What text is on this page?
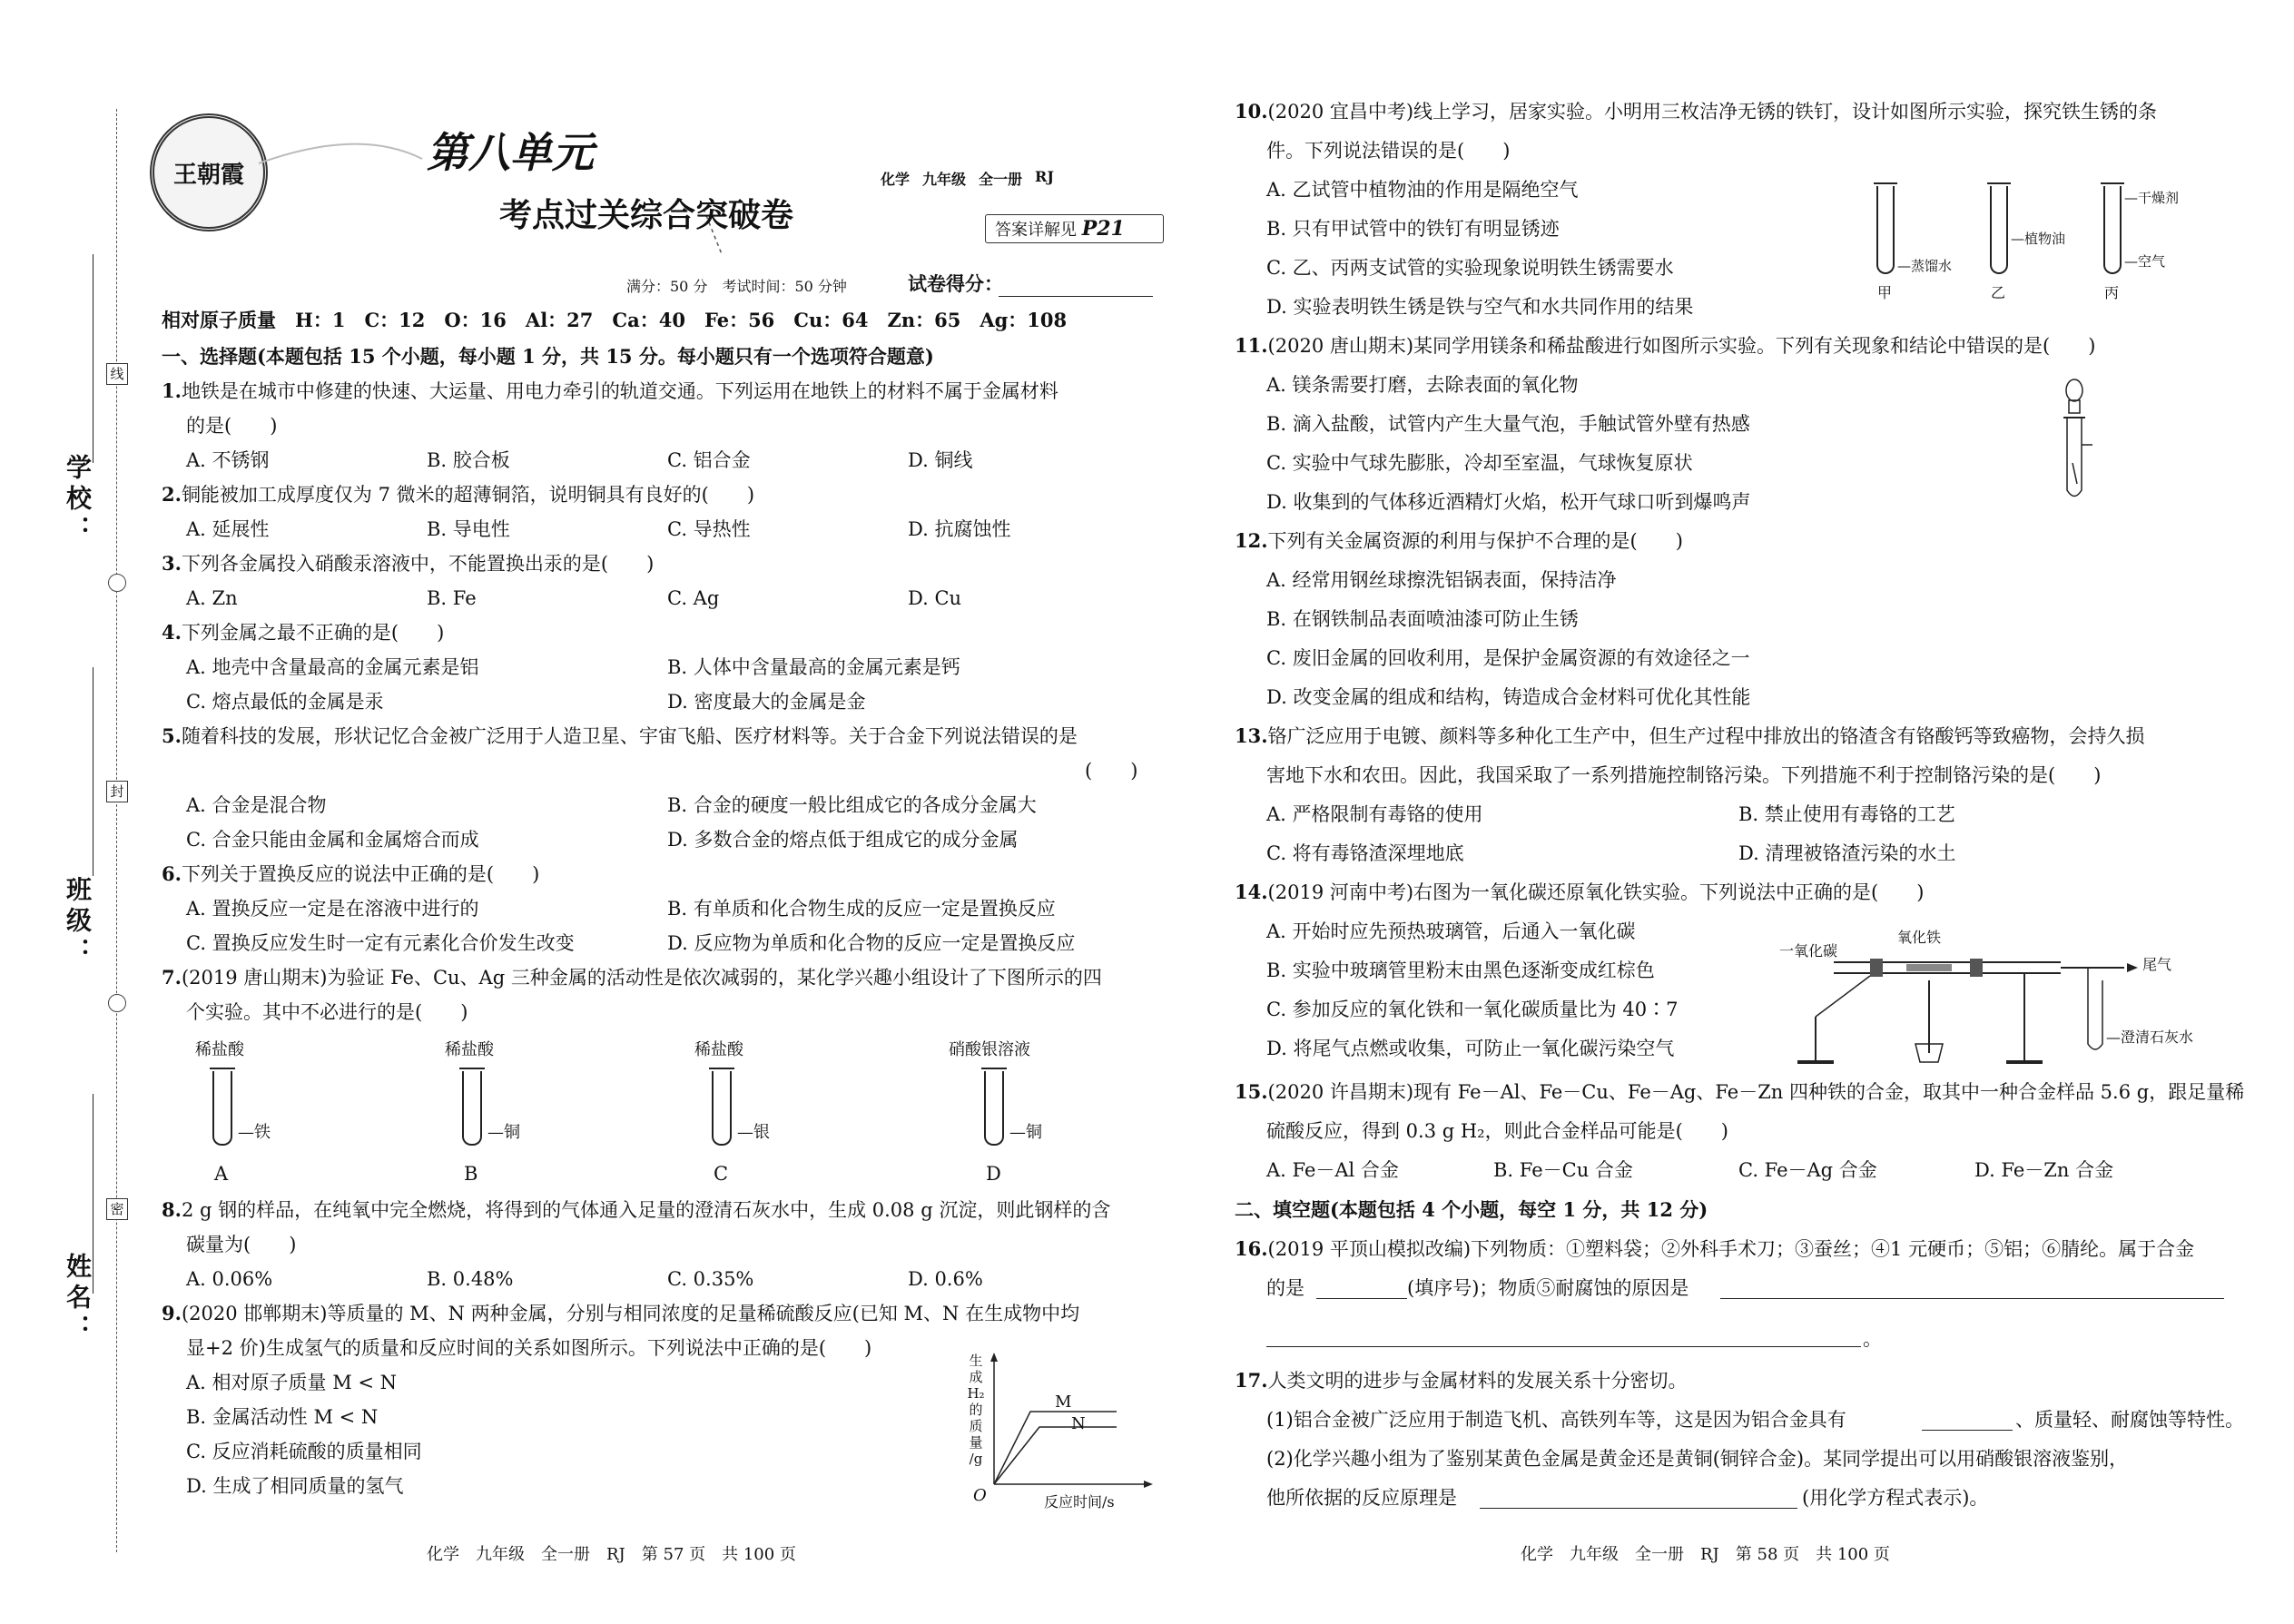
学校：
班级：
姓名：
线
封
密
王朝霞	第八单元
考点过关综合突破卷
化学 九年级 全一册 RJ
答案详解见 P21
满分：50 分　考试时间：50 分钟	试卷得分：
相对原子质量　H：1　C：12　O：16　Al：27　Ca：40　Fe：56　Cu：64　Zn：65　Ag：108
一、选择题(本题包括 15 个小题，每小题 1 分，共 15 分。每小题只有一个选项符合题意)
1.地铁是在城市中修建的快速、大运量、用电力牵引的轨道交通。下列运用在地铁上的材料不属于金属材料
的是(　　)
A. 不锈钢	B. 胶合板	C. 铝合金	D. 铜线
2.铜能被加工成厚度仅为 7 微米的超薄铜箔，说明铜具有良好的(　　)
A. 延展性	B. 导电性	C. 导热性	D. 抗腐蚀性
3.下列各金属投入硝酸汞溶液中，不能置换出汞的是(　　)
A. Zn	B. Fe	C. Ag	D. Cu
4.下列金属之最不正确的是(　　)
A. 地壳中含量最高的金属元素是铝	B. 人体中含量最高的金属元素是钙
C. 熔点最低的金属是汞	D. 密度最大的金属是金
5.随着科技的发展，形状记忆合金被广泛用于人造卫星、宇宙飞船、医疗材料等。关于合金下列说法错误的是
(　　)
A. 合金是混合物	B. 合金的硬度一般比组成它的各成分金属大
C. 合金只能由金属和金属熔合而成	D. 多数合金的熔点低于组成它的成分金属
6.下列关于置换反应的说法中正确的是(　　)
A. 置换反应一定是在溶液中进行的	B. 有单质和化合物生成的反应一定是置换反应
C. 置换反应发生时一定有元素化合价发生改变	D. 反应物为单质和化合物的反应一定是置换反应
7.(2019 唐山期末)为验证 Fe、Cu、Ag 三种金属的活动性是依次减弱的，某化学兴趣小组设计了下图所示的四
个实验。其中不必进行的是(　　)
稀盐酸
—铁
A
稀盐酸
—铜
B
稀盐酸
—银
C
硝酸银溶液
—铜
D
8.2 g 钢的样品，在纯氧中完全燃烧，将得到的气体通入足量的澄清石灰水中，生成 0.08 g 沉淀，则此钢样的含
碳量为(　　)
A. 0.06%	B. 0.48%	C. 0.35%	D. 0.6%
9.(2020 邯郸期末)等质量的 M、N 两种金属，分别与相同浓度的足量稀硫酸反应(已知 M、N 在生成物中均
显+2 价)生成氢气的质量和反应时间的关系如图所示。下列说法中正确的是(　　)
A. 相对原子质量 M < N
B. 金属活动性 M < N
C. 反应消耗硫酸的质量相同
D. 生成了相同质量的氢气
生
成
H₂
的
质
量
/g
M
N
O	反应时间/s
化学　九年级　全一册　RJ　第 57 页　共 100 页
10.(2020 宜昌中考)线上学习，居家实验。小明用三枚洁净无锈的铁钉，设计如图所示实验，探究铁生锈的条
件。下列说法错误的是(　　)
A. 乙试管中植物油的作用是隔绝空气
B. 只有甲试管中的铁钉有明显锈迹
C. 乙、丙两支试管的实验现象说明铁生锈需要水
D. 实验表明铁生锈是铁与空气和水共同作用的结果
—蒸馏水
甲
—植物油
乙
—干燥剂
—空气
丙
11.(2020 唐山期末)某同学用镁条和稀盐酸进行如图所示实验。下列有关现象和结论中错误的是(　　)
A. 镁条需要打磨，去除表面的氧化物
B. 滴入盐酸，试管内产生大量气泡，手触试管外壁有热感
C. 实验中气球先膨胀，冷却至室温，气球恢复原状
D. 收集到的气体移近酒精灯火焰，松开气球口听到爆鸣声
12.下列有关金属资源的利用与保护不合理的是(　　)
A. 经常用钢丝球擦洗铝锅表面，保持洁净
B. 在钢铁制品表面喷油漆可防止生锈
C. 废旧金属的回收利用，是保护金属资源的有效途径之一
D. 改变金属的组成和结构，铸造成合金材料可优化其性能
13.铬广泛应用于电镀、颜料等多种化工生产中，但生产过程中排放出的铬渣含有铬酸钙等致癌物，会持久损
害地下水和农田。因此，我国采取了一系列措施控制铬污染。下列措施不利于控制铬污染的是(　　)
A. 严格限制有毒铬的使用	B. 禁止使用有毒铬的工艺
C. 将有毒铬渣深埋地底	D. 清理被铬渣污染的水土
14.(2019 河南中考)右图为一氧化碳还原氧化铁实验。下列说法中正确的是(　　)
A. 开始时应先预热玻璃管，后通入一氧化碳
B. 实验中玻璃管里粉末由黑色逐渐变成红棕色
C. 参加反应的氧化铁和一氧化碳质量比为 40∶7
D. 将尾气点燃或收集，可防止一氧化碳污染空气
一氧化碳
氧化铁
尾气
—澄清石灰水
15.(2020 许昌期末)现有 Fe－Al、Fe－Cu、Fe－Ag、Fe－Zn 四种铁的合金，取其中一种合金样品 5.6 g，跟足量稀
硫酸反应，得到 0.3 g H₂，则此合金样品可能是(　　)
A. Fe－Al 合金	B. Fe－Cu 合金	C. Fe－Ag 合金	D. Fe－Zn 合金
二、填空题(本题包括 4 个小题，每空 1 分，共 12 分)
16.(2019 平顶山模拟改编)下列物质：①塑料袋；②外科手术刀；③蚕丝；④1 元硬币；⑤铝；⑥腈纶。属于合金
的是	(填序号)；物质⑤耐腐蚀的原因是
。
17.人类文明的进步与金属材料的发展关系十分密切。
(1)铝合金被广泛应用于制造飞机、高铁列车等，这是因为铝合金具有	、质量轻、耐腐蚀等特性。
(2)化学兴趣小组为了鉴别某黄色金属是黄金还是黄铜(铜锌合金)。某同学提出可以用硝酸银溶液鉴别，
他所依据的反应原理是	(用化学方程式表示)。
化学　九年级　全一册　RJ　第 58 页　共 100 页
